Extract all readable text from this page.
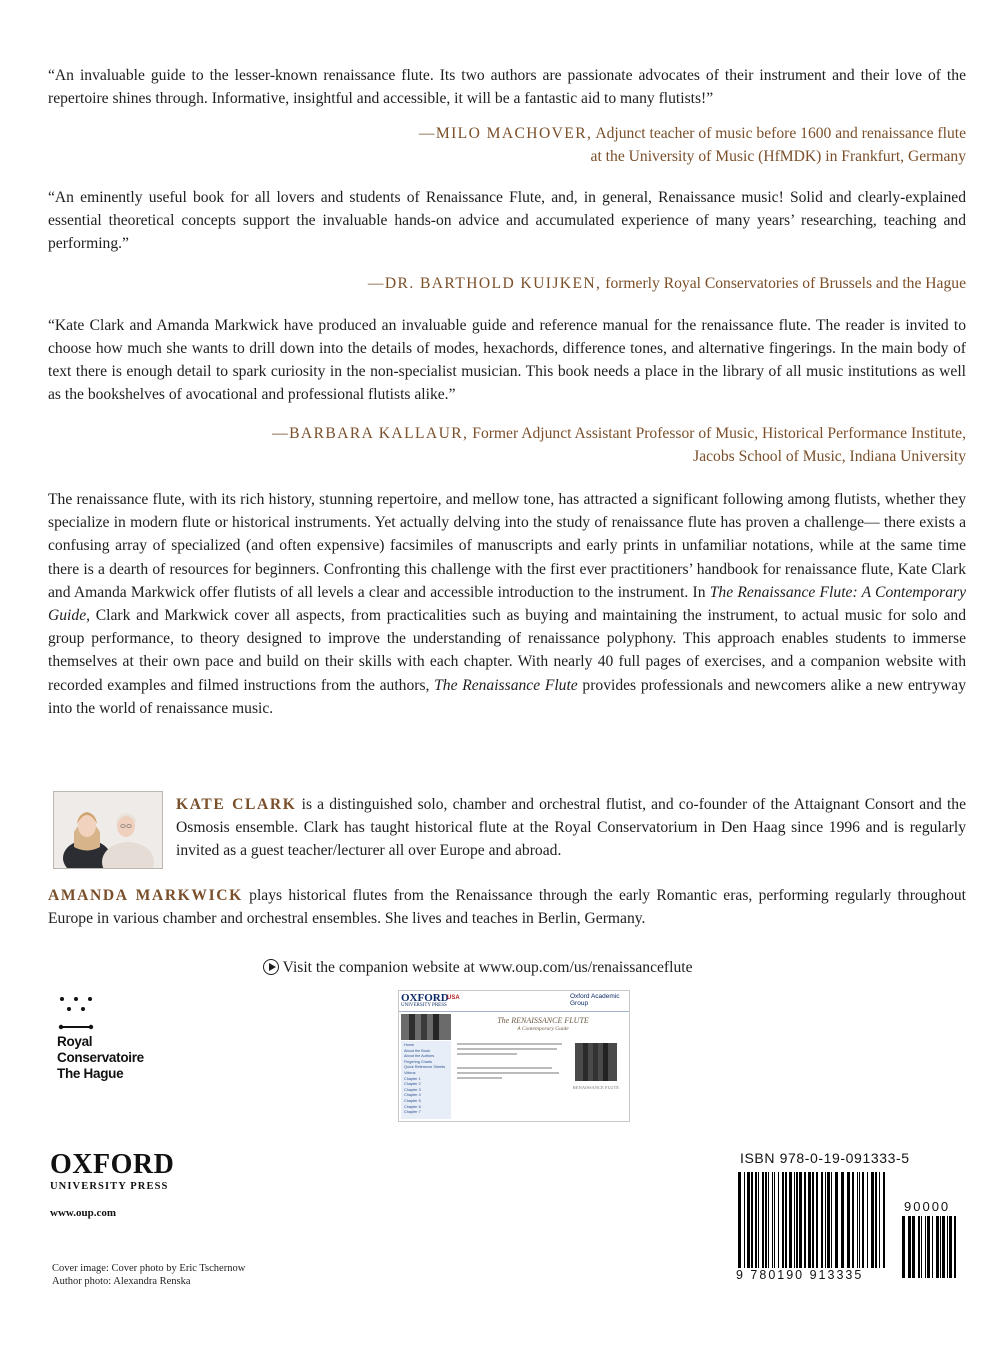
“An invaluable guide to the lesser-known renaissance flute. Its two authors are passionate advocates of their instrument and their love of the repertoire shines through. Informative, insightful and accessible, it will be a fantastic aid to many flutists!”
—MILO MACHOVER, Adjunct teacher of music before 1600 and renaissance flute
at the University of Music (HfMDK) in Frankfurt, Germany
“An eminently useful book for all lovers and students of Renaissance Flute, and, in general, Renaissance music! Solid and clearly-explained essential theoretical concepts support the invaluable hands-on advice and accumulated experience of many years’ researching, teaching and performing.”
—DR. BARTHOLD KUIJKEN, formerly Royal Conservatories of Brussels and the Hague
“Kate Clark and Amanda Markwick have produced an invaluable guide and reference manual for the renaissance flute. The reader is invited to choose how much she wants to drill down into the details of modes, hexachords, difference tones, and alternative fingerings. In the main body of text there is enough detail to spark curiosity in the non-specialist musician. This book needs a place in the library of all music institutions as well as the bookshelves of avocational and professional flutists alike.”
—BARBARA KALLAUR, Former Adjunct Assistant Professor of Music, Historical Performance Institute,
Jacobs School of Music, Indiana University
The renaissance flute, with its rich history, stunning repertoire, and mellow tone, has attracted a significant following among flutists, whether they specialize in modern flute or historical instruments. Yet actually delving into the study of renaissance flute has proven a challenge— there exists a confusing array of specialized (and often expensive) facsimiles of manuscripts and early prints in unfamiliar notations, while at the same time there is a dearth of resources for beginners. Confronting this challenge with the first ever practitioners’ handbook for renaissance flute, Kate Clark and Amanda Markwick offer flutists of all levels a clear and accessible introduction to the instrument. In The Renaissance Flute: A Contemporary Guide, Clark and Markwick cover all aspects, from practicalities such as buying and maintaining the instrument, to actual music for solo and group performance, to theory designed to improve the understanding of renaissance polyphony. This approach enables students to immerse themselves at their own pace and build on their skills with each chapter. With nearly 40 full pages of exercises, and a companion website with recorded examples and filmed instructions from the authors, The Renaissance Flute provides professionals and newcomers alike a new entryway into the world of renaissance music.
KATE CLARK is a distinguished solo, chamber and orchestral flutist, and co-founder of the Attaignant Consort and the Osmosis ensemble. Clark has taught historical flute at the Royal Conservatorium in Den Haag since 1996 and is regularly invited as a guest teacher/lecturer all over Europe and abroad.
AMANDA MARKWICK plays historical flutes from the Renaissance through the early Romantic eras, performing regularly throughout Europe in various chamber and orchestral ensembles. She lives and teaches in Berlin, Germany.
Visit the companion website at www.oup.com/us/renaissanceflute
Royal
Conservatoire
The Hague
OXFORD
UNIVERSITY PRESS
USA	Oxford Academic Group
The RENAISSANCE FLUTE
A Contemporary Guide
Home
About the Book
About the Authors
Fingering Charts
Quick Reference Sheets
Videos
Chapter 1
Chapter 2
Chapter 3
Chapter 4
Chapter 5
Chapter 6
Chapter 7
RENAISSANCE FLUTE
OXFORD
UNIVERSITY PRESS
www.oup.com
Cover image: Cover photo by Eric Tschernow
Author photo: Alexandra Renska
ISBN 978-0-19-091333-5
90000
9 780190 913335
